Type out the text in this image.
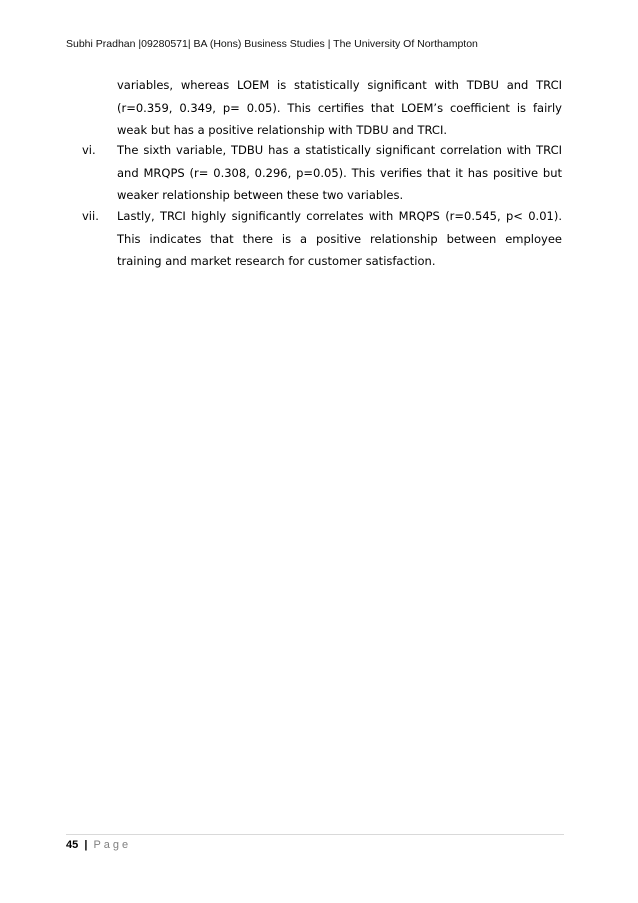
Subhi Pradhan |09280571| BA (Hons) Business Studies | The University Of Northampton
variables, whereas LOEM is statistically significant with TDBU and TRCI (r=0.359, 0.349, p= 0.05). This certifies that LOEM’s coefficient is fairly weak but has a positive relationship with TDBU and TRCI.
vi. The sixth variable, TDBU has a statistically significant correlation with TRCI and MRQPS (r= 0.308, 0.296, p=0.05). This verifies that it has positive but weaker relationship between these two variables.
vii. Lastly, TRCI highly significantly correlates with MRQPS (r=0.545, p< 0.01). This indicates that there is a positive relationship between employee training and market research for customer satisfaction.
45 | Page
